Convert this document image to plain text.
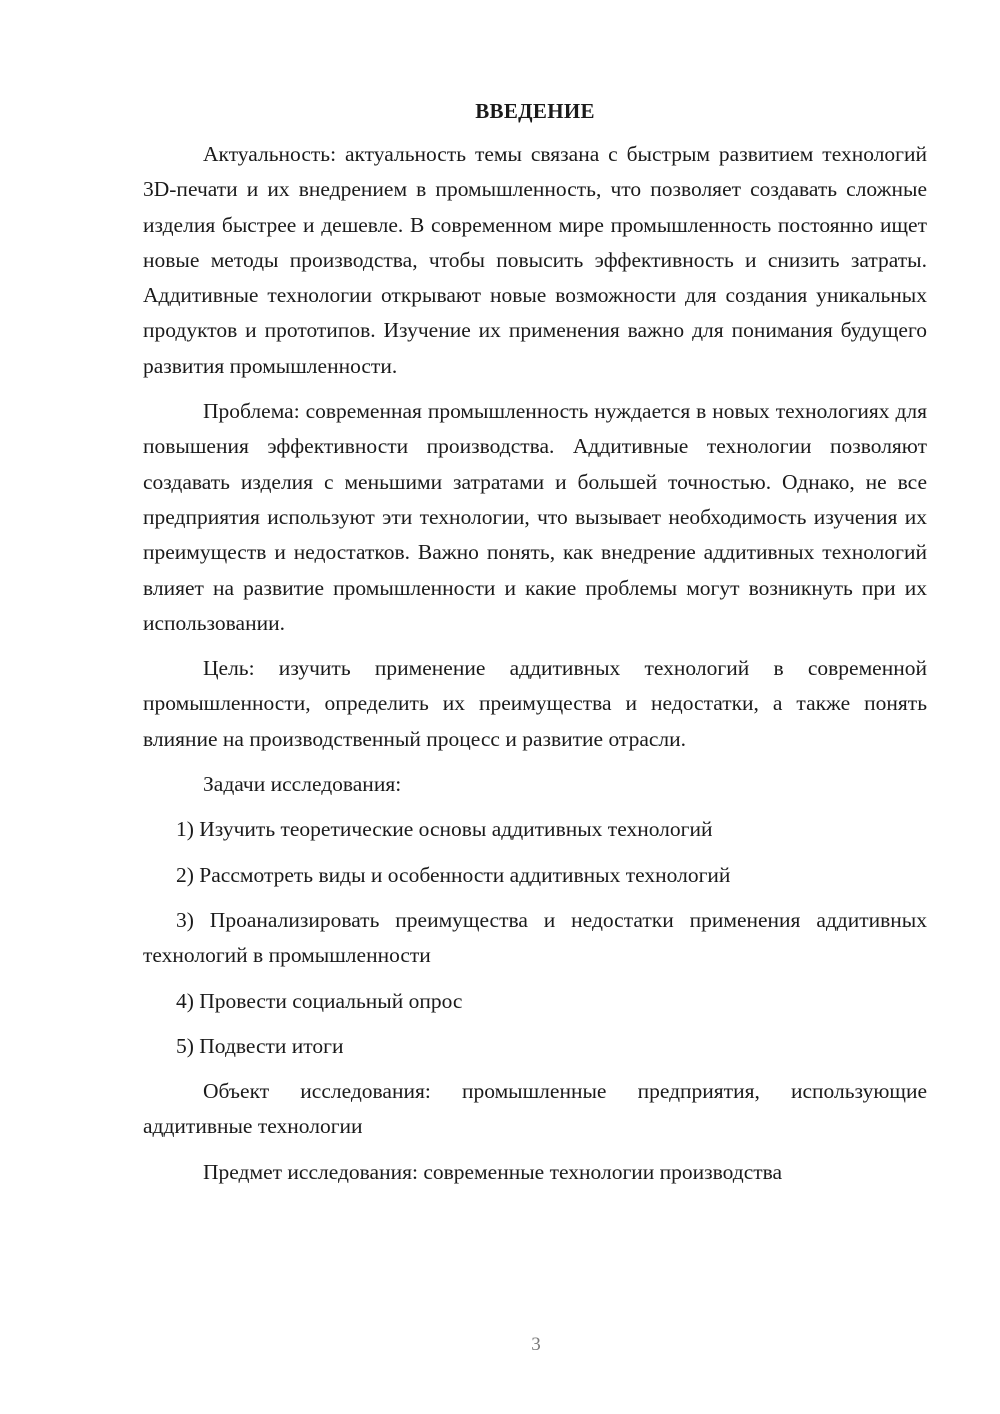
ВВЕДЕНИЕ

Актуальность: актуальность темы связана с быстрым развитием технологий 3D-печати и их внедрением в промышленность, что позволяет создавать сложные изделия быстрее и дешевле. В современном мире промышленность постоянно ищет новые методы производства, чтобы повысить эффективность и снизить затраты. Аддитивные технологии открывают новые возможности для создания уникальных продуктов и прототипов. Изучение их применения важно для понимания будущего развития промышленности.

Проблема: современная промышленность нуждается в новых технологиях для повышения эффективности производства. Аддитивные технологии позволяют создавать изделия с меньшими затратами и большей точностью. Однако, не все предприятия используют эти технологии, что вызывает необходимость изучения их преимуществ и недостатков. Важно понять, как внедрение аддитивных технологий влияет на развитие промышленности и какие проблемы могут возникнуть при их использовании.

Цель: изучить применение аддитивных технологий в современной промышленности, определить их преимущества и недостатки, а также понять влияние на производственный процесс и развитие отрасли.

Задачи исследования:

1) Изучить теоретические основы аддитивных технологий

2) Рассмотреть виды и особенности аддитивных технологий

3) Проанализировать преимущества и недостатки применения аддитивных технологий в промышленности

4) Провести социальный опрос

5) Подвести итоги

Объект исследования: промышленные предприятия, использующие аддитивные технологии

Предмет исследования: современные технологии производства

3
